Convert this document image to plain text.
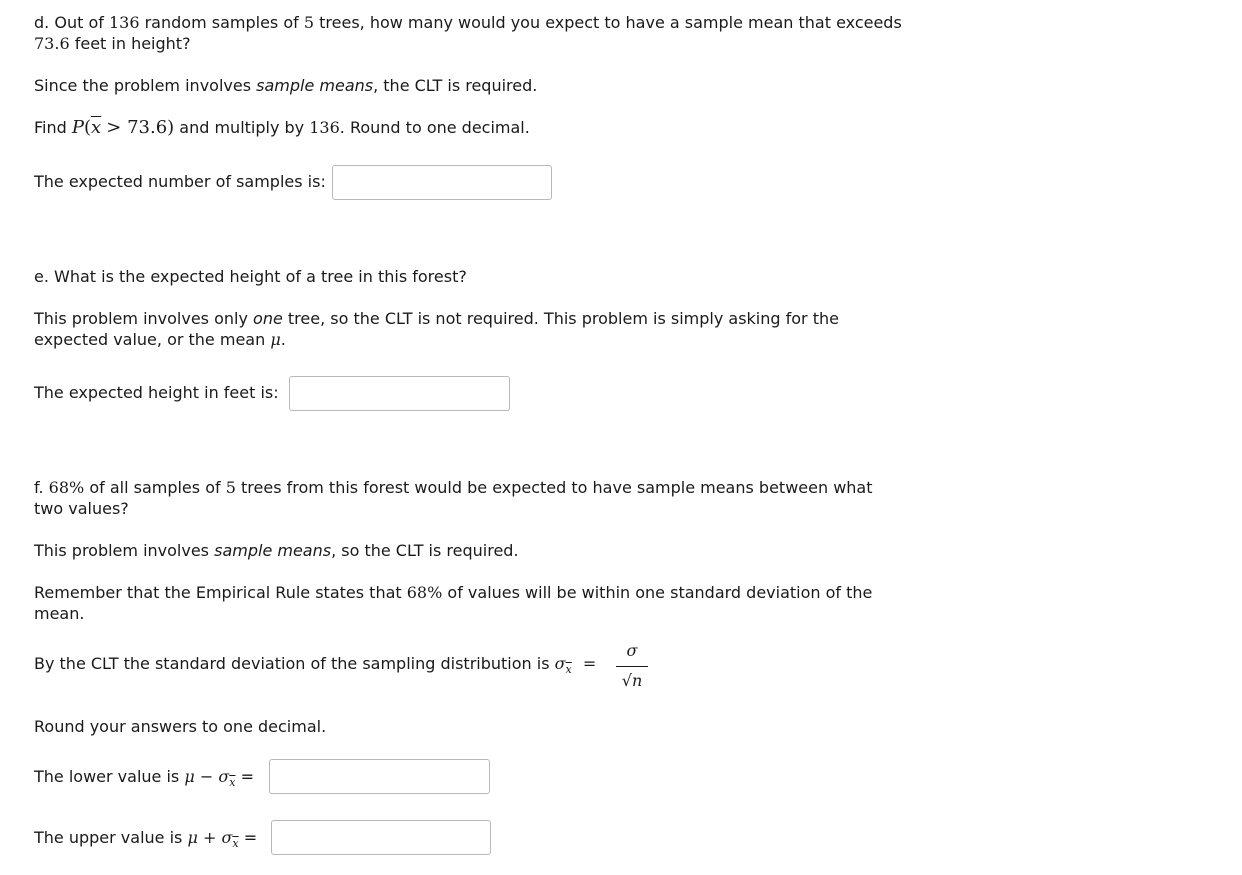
d. Out of 136 random samples of 5 trees, how many would you expect to have a sample mean that exceeds
73.6 feet in height?
Since the problem involves sample means, the CLT is required.
Find $P(\overline{x} > 73.6)$ and multiply by 136. Round to one decimal.
The expected number of samples is:
e. What is the expected height of a tree in this forest?
This problem involves only one tree, so the CLT is not required. This problem is simply asking for the
expected value, or the mean μ.
The expected height in feet is:
f. 68% of all samples of 5 trees from this forest would be expected to have sample means between what
two values?
This problem involves sample means, so the CLT is required.
Remember that the Empirical Rule states that 68% of values will be within one standard deviation of the
mean.
By the CLT the standard deviation of the sampling distribution is $\sigma_{\overline{x}}$ =
σ
√n
Round your answers to one decimal.
The lower value is $\mu - \sigma_{\overline{x}}$ =
The upper value is $\mu + \sigma_{\overline{x}}$ =
